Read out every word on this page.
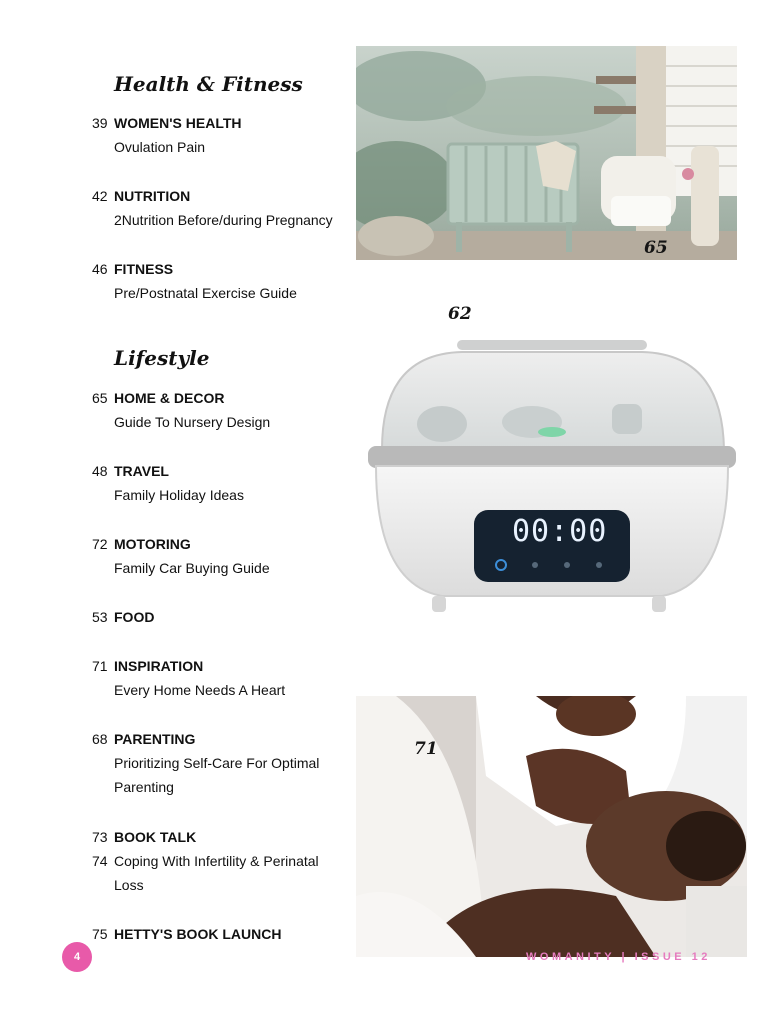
Health & Fitness
Lifestyle
39 WOMEN'S HEALTH
Ovulation Pain
42 NUTRITION
2Nutrition Before/during Pregnancy
46 FITNESS
Pre/Postnatal Exercise Guide
65 HOME & DECOR
Guide To Nursery Design
48 TRAVEL
Family Holiday Ideas
72 MOTORING
Family Car Buying Guide
53 FOOD
71 INSPIRATION
Every Home Needs A Heart
68 PARENTING
Prioritizing Self-Care For Optimal Parenting
73 BOOK TALK
74 Coping With Infertility & Perinatal Loss
75 HETTY'S BOOK LAUNCH
65
62
00:00
71
4	WOMANITY | ISSUE 12
